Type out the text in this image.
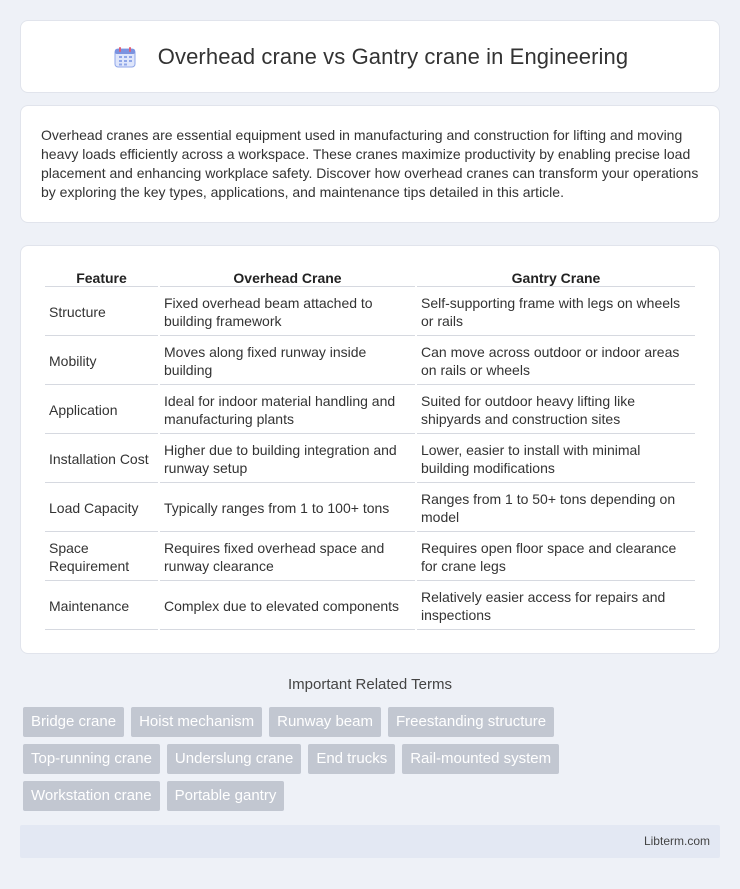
Overhead crane vs Gantry crane in Engineering

Overhead cranes are essential equipment used in manufacturing and construction for lifting and moving heavy loads efficiently across a workspace. These cranes maximize productivity by enabling precise load placement and enhancing workplace safety. Discover how overhead cranes can transform your operations by exploring the key types, applications, and maintenance tips detailed in this article.

Feature	Overhead Crane	Gantry Crane
Structure	Fixed overhead beam attached to building framework	Self-supporting frame with legs on wheels or rails
Mobility	Moves along fixed runway inside building	Can move across outdoor or indoor areas on rails or wheels
Application	Ideal for indoor material handling and manufacturing plants	Suited for outdoor heavy lifting like shipyards and construction sites
Installation Cost	Higher due to building integration and runway setup	Lower, easier to install with minimal building modifications
Load Capacity	Typically ranges from 1 to 100+ tons	Ranges from 1 to 50+ tons depending on model
Space Requirement	Requires fixed overhead space and runway clearance	Requires open floor space and clearance for crane legs
Maintenance	Complex due to elevated components	Relatively easier access for repairs and inspections
Important Related Terms
Bridge crane	Hoist mechanism	Runway beam	Freestanding structure
Top-running crane	Underslung crane	End trucks	Rail-mounted system
Workstation crane	Portable gantry
Libterm.com
